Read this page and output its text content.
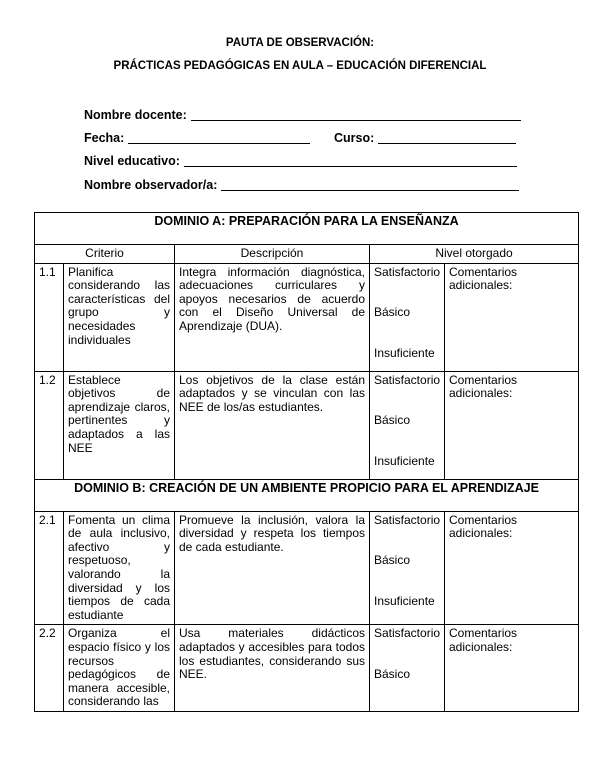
PAUTA DE OBSERVACIÓN:
PRÁCTICAS PEDAGÓGICAS EN AULA – EDUCACIÓN DIFERENCIAL
Nombre docente:
Fecha:	Curso:
Nivel educativo:
Nombre observador/a:
DOMINIO A: PREPARACIÓN PARA LA ENSEÑANZA				
Criterio		Descripción	Nivel otorgado	
1.1	Planifica considerando las características del grupo y necesidades individuales	Integra información diagnóstica, adecuaciones curriculares y apoyos necesarios de acuerdo con el Diseño Universal de Aprendizaje (DUA).	Satisfactorio
Básico
Insuficiente	Comentarios adicionales:
1.2	Establece objetivos de aprendizaje claros, pertinentes y adaptados a las NEE	Los objetivos de la clase están adaptados y se vinculan con las NEE de los/as estudiantes.	Satisfactorio
Básico
Insuficiente	Comentarios adicionales:
DOMINIO B: CREACIÓN DE UN AMBIENTE PROPICIO PARA EL APRENDIZAJE				
2.1	Fomenta un clima de aula inclusivo, afectivo y respetuoso, valorando la diversidad y los tiempos de cada estudiante	Promueve la inclusión, valora la diversidad y respeta los tiempos de cada estudiante.	Satisfactorio
Básico
Insuficiente	Comentarios adicionales:
2.2	Organiza el espacio físico y los recursos pedagógicos de manera accesible, considerando las	Usa materiales didácticos adaptados y accesibles para todos los estudiantes, considerando sus NEE.	Satisfactorio
Básico	Comentarios adicionales:
